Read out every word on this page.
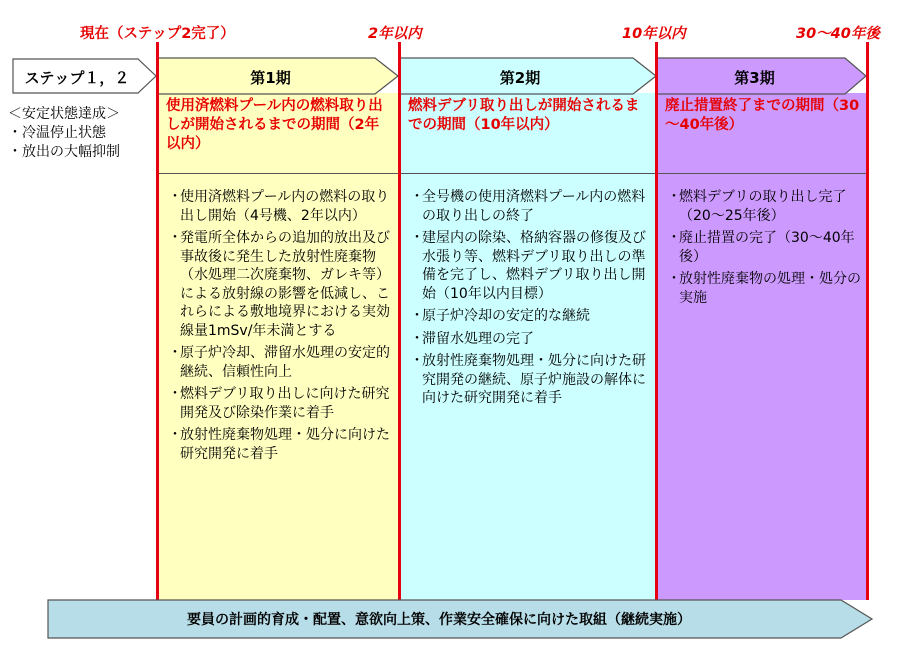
現在（ステップ2完了）	2年以内	10年以内	30～40年後
使用済燃料プール内の燃料取り出しが開始されるまでの期間（2年以内）
・ 使用済燃料プール内の燃料の取り出し開始（4号機、2年以内）
・ 発電所全体からの追加的放出及び事故後に発生した放射性廃棄物（水処理二次廃棄物、ガレキ等）による放射線の影響を低減し、これらによる敷地境界における実効線量1mSv/年未満とする
・ 原子炉冷却、滞留水処理の安定的継続、信頼性向上
・ 燃料デブリ取り出しに向けた研究開発及び除染作業に着手
・ 放射性廃棄物処理・処分に向けた研究開発に着手
燃料デブリ取り出しが開始されるまでの期間（10年以内）
・ 全号機の使用済燃料プール内の燃料の取り出しの終了
・ 建屋内の除染、格納容器の修復及び水張り等、燃料デブリ取り出しの準備を完了し、燃料デブリ取り出し開始（10年以内目標）
・ 原子炉冷却の安定的な継続
・ 滞留水処理の完了
・ 放射性廃棄物処理・処分に向けた研究開発の継続、原子炉施設の解体に向けた研究開発に着手
廃止措置終了までの期間（30～40年後）
・ 燃料デブリの取り出し完了（20～25年後）
・ 廃止措置の完了（30～40年後）
・ 放射性廃棄物の処理・処分の実施
第1期	第2期	第3期
ステップ１，２
＜安定状態達成＞
・冷温停止状態
・放出の大幅抑制
要員の計画的育成・配置、意欲向上策、作業安全確保に向けた取組（継続実施）
